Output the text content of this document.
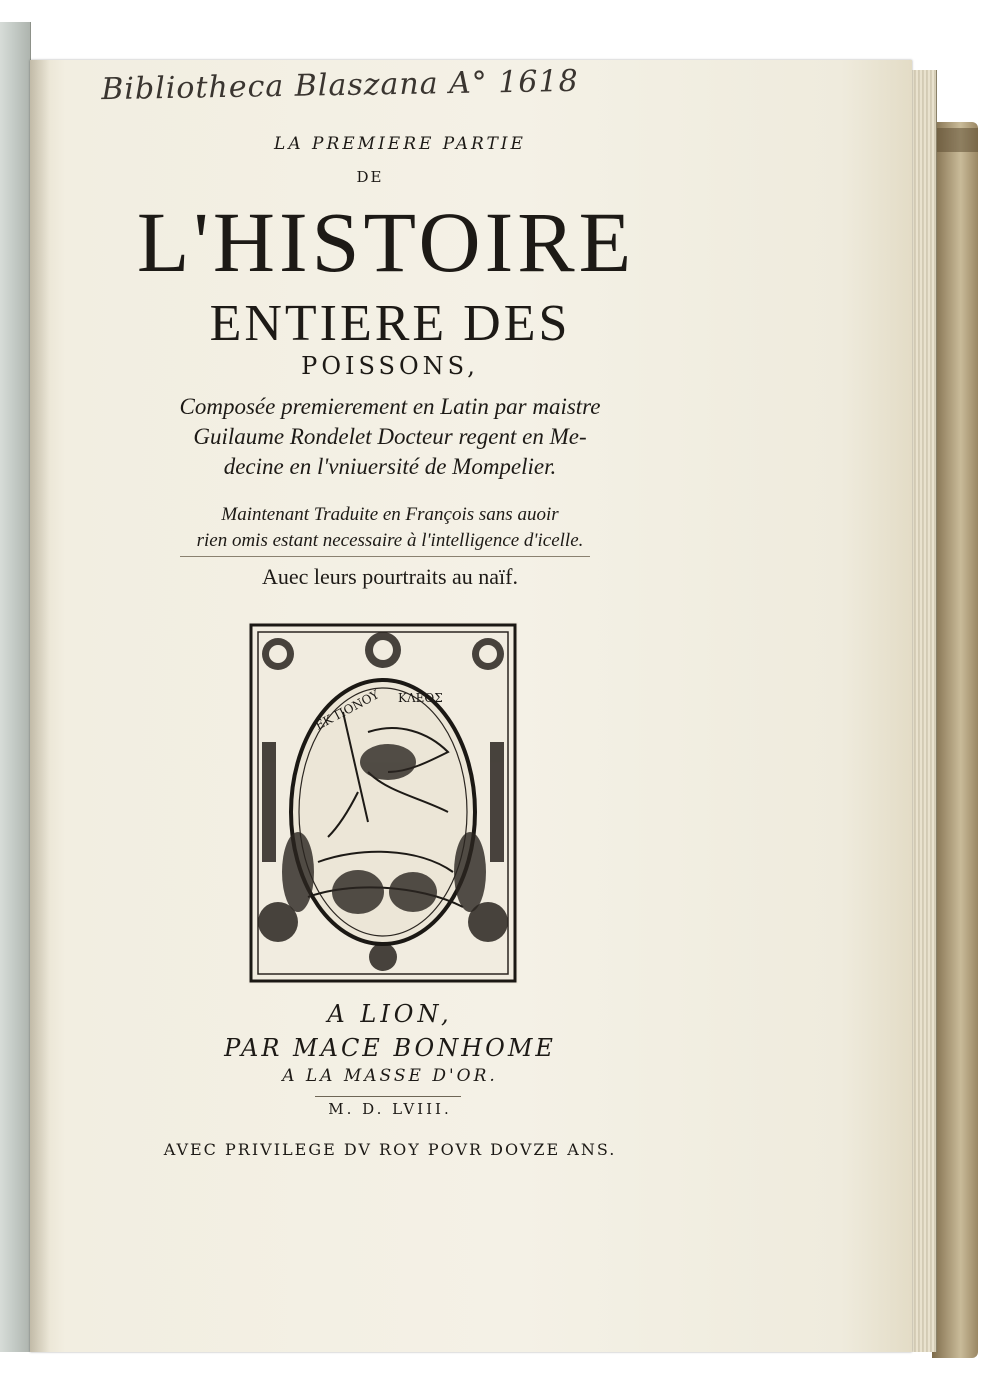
Bibliotheca Blaszana A° 1618
LA PREMIERE PARTIE
DE
L'HISTOIRE
ENTIERE DES
POISSONS,
Composée premierement en Latin par maistre
Guilaume Rondelet Docteur regent en Me-
decine en l'vniuersité de Mompelier.
Maintenant Traduite en François sans auoir
rien omis estant necessaire à l'intelligence d'icelle.
Auec leurs pourtraits au naïf.
EK ΠΟΝΟΥ ΚΛΕΟΣ
A LION,
PAR MACE BONHOME
A LA MASSE D'OR.
M. D. LVIII.
AVEC PRIVILEGE DV ROY POVR DOVZE ANS.
